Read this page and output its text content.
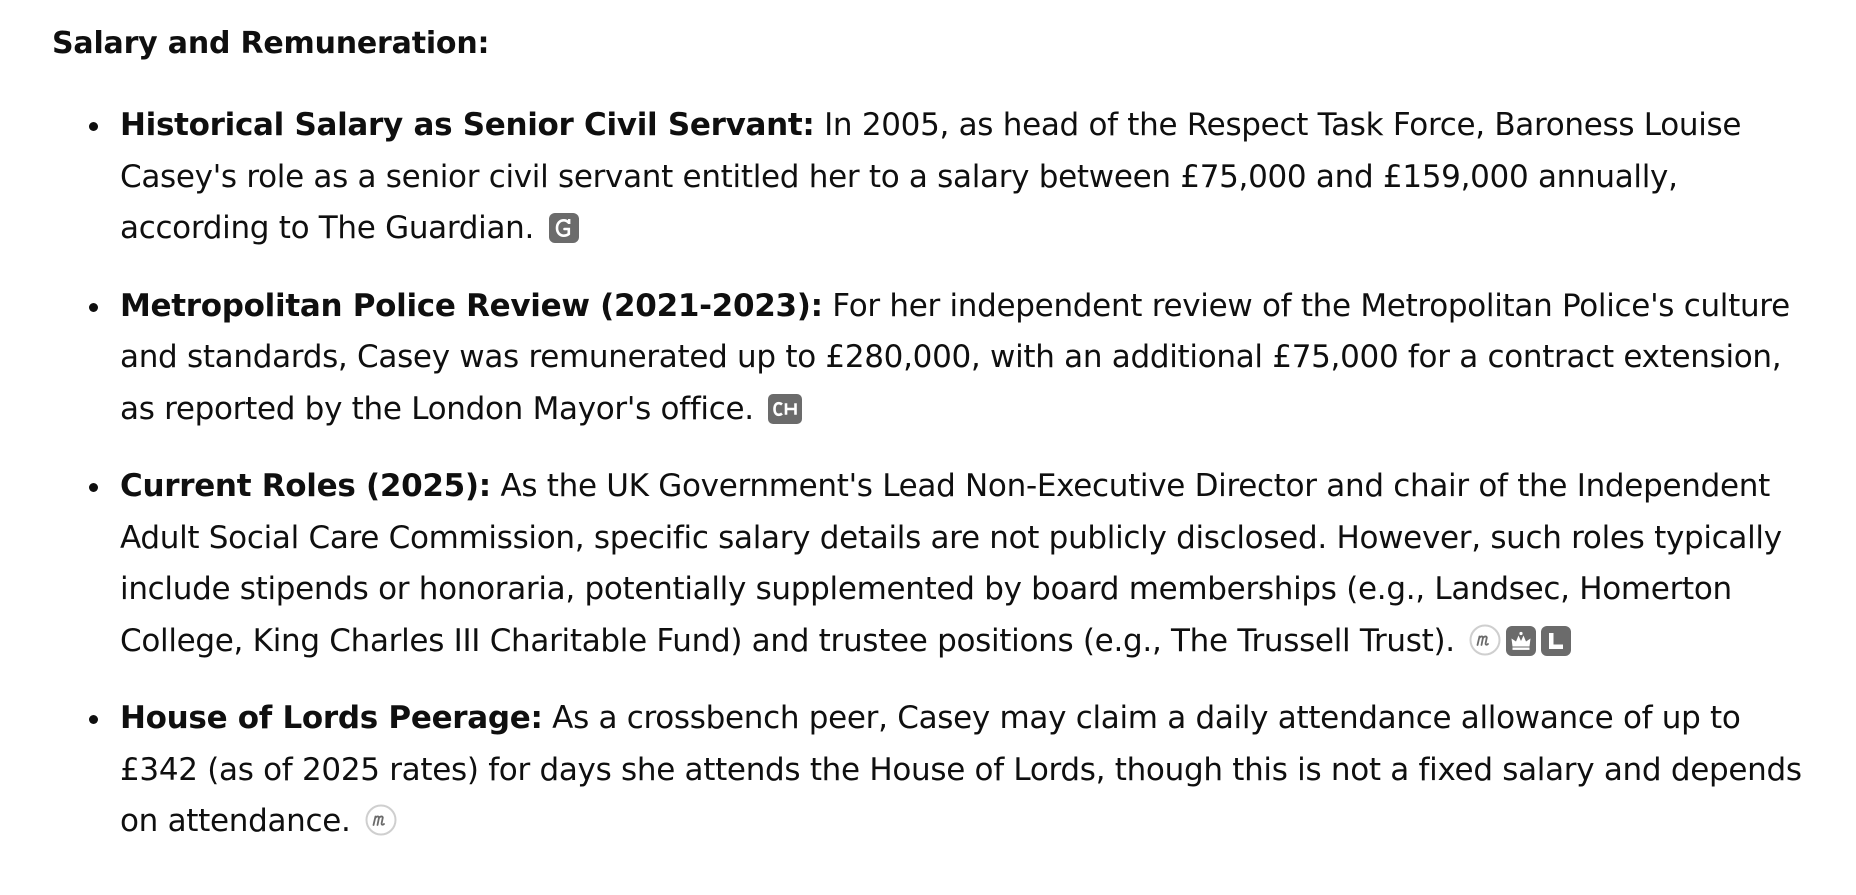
Salary and Remuneration:
Historical Salary as Senior Civil Servant: In 2005, as head of the Respect Task Force, Baroness Louise Casey's role as a senior civil servant entitled her to a salary between £75,000 and £159,000 annually, according to The Guardian.
Metropolitan Police Review (2021-2023): For her independent review of the Metropolitan Police's culture and standards, Casey was remunerated up to £280,000, with an additional £75,000 for a contract extension, as reported by the London Mayor's office.
Current Roles (2025): As the UK Government's Lead Non-Executive Director and chair of the Independent Adult Social Care Commission, specific salary details are not publicly disclosed. However, such roles typically include stipends or honoraria, potentially supplemented by board memberships (e.g., Landsec, Homerton College, King Charles III Charitable Fund) and trustee positions (e.g., The Trussell Trust).
House of Lords Peerage: As a crossbench peer, Casey may claim a daily attendance allowance of up to £342 (as of 2025 rates) for days she attends the House of Lords, though this is not a fixed salary and depends on attendance.
